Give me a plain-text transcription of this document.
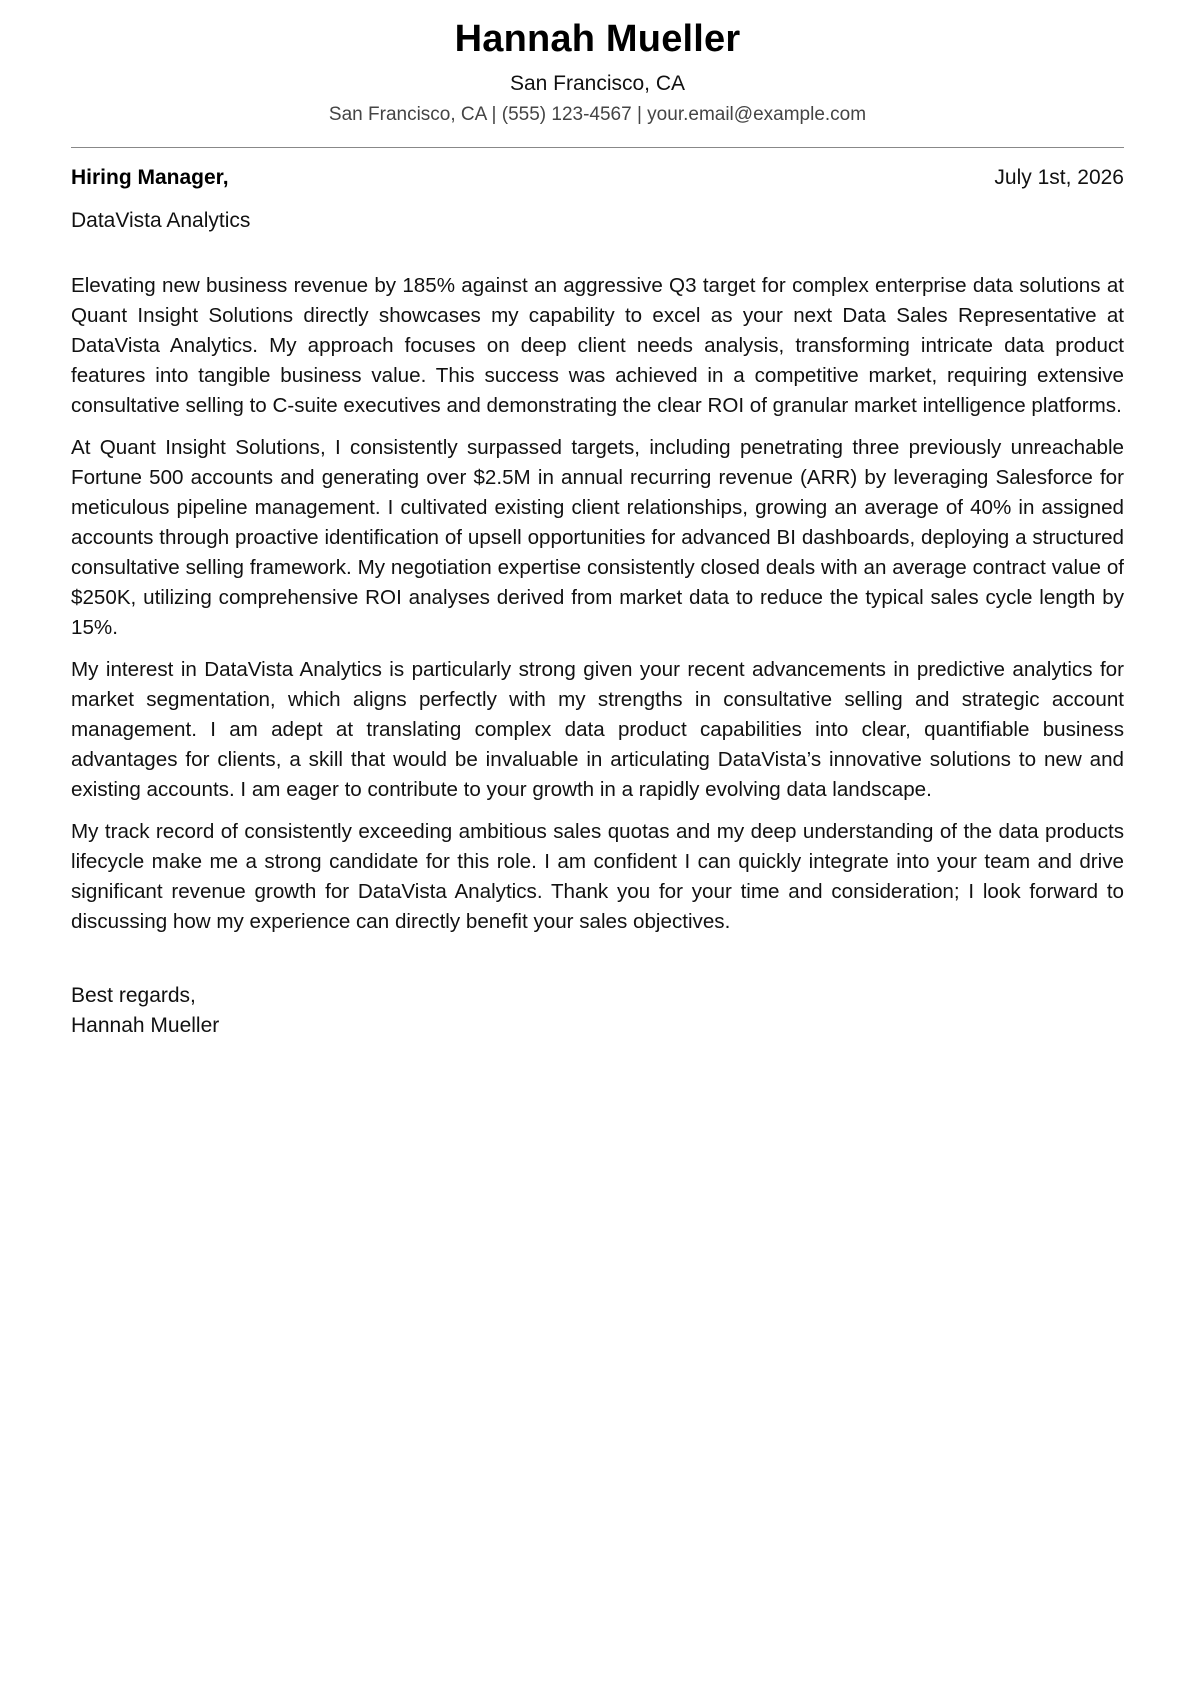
Hannah Mueller
San Francisco, CA
San Francisco, CA | (555) 123-4567 | your.email@example.com
Hiring Manager,	July 1st, 2026
DataVista Analytics

Elevating new business revenue by 185% against an aggressive Q3 target for complex enterprise data solutions at Quant Insight Solutions directly showcases my capability to excel as your next Data Sales Representative at DataVista Analytics. My approach focuses on deep client needs analysis, transforming intricate data product features into tangible business value. This success was achieved in a competitive market, requiring extensive consultative selling to C-suite executives and demonstrating the clear ROI of granular market intelligence platforms.

At Quant Insight Solutions, I consistently surpassed targets, including penetrating three previously unreachable Fortune 500 accounts and generating over $2.5M in annual recurring revenue (ARR) by leveraging Salesforce for meticulous pipeline management. I cultivated existing client relationships, growing an average of 40% in assigned accounts through proactive identification of upsell opportunities for advanced BI dashboards, deploying a structured consultative selling framework. My negotiation expertise consistently closed deals with an average contract value of $250K, utilizing comprehensive ROI analyses derived from market data to reduce the typical sales cycle length by 15%.

My interest in DataVista Analytics is particularly strong given your recent advancements in predictive analytics for market segmentation, which aligns perfectly with my strengths in consultative selling and strategic account management. I am adept at translating complex data product capabilities into clear, quantifiable business advantages for clients, a skill that would be invaluable in articulating DataVista’s innovative solutions to new and existing accounts. I am eager to contribute to your growth in a rapidly evolving data landscape.

My track record of consistently exceeding ambitious sales quotas and my deep understanding of the data products lifecycle make me a strong candidate for this role. I am confident I can quickly integrate into your team and drive significant revenue growth for DataVista Analytics. Thank you for your time and consideration; I look forward to discussing how my experience can directly benefit your sales objectives.

Best regards,
Hannah Mueller
